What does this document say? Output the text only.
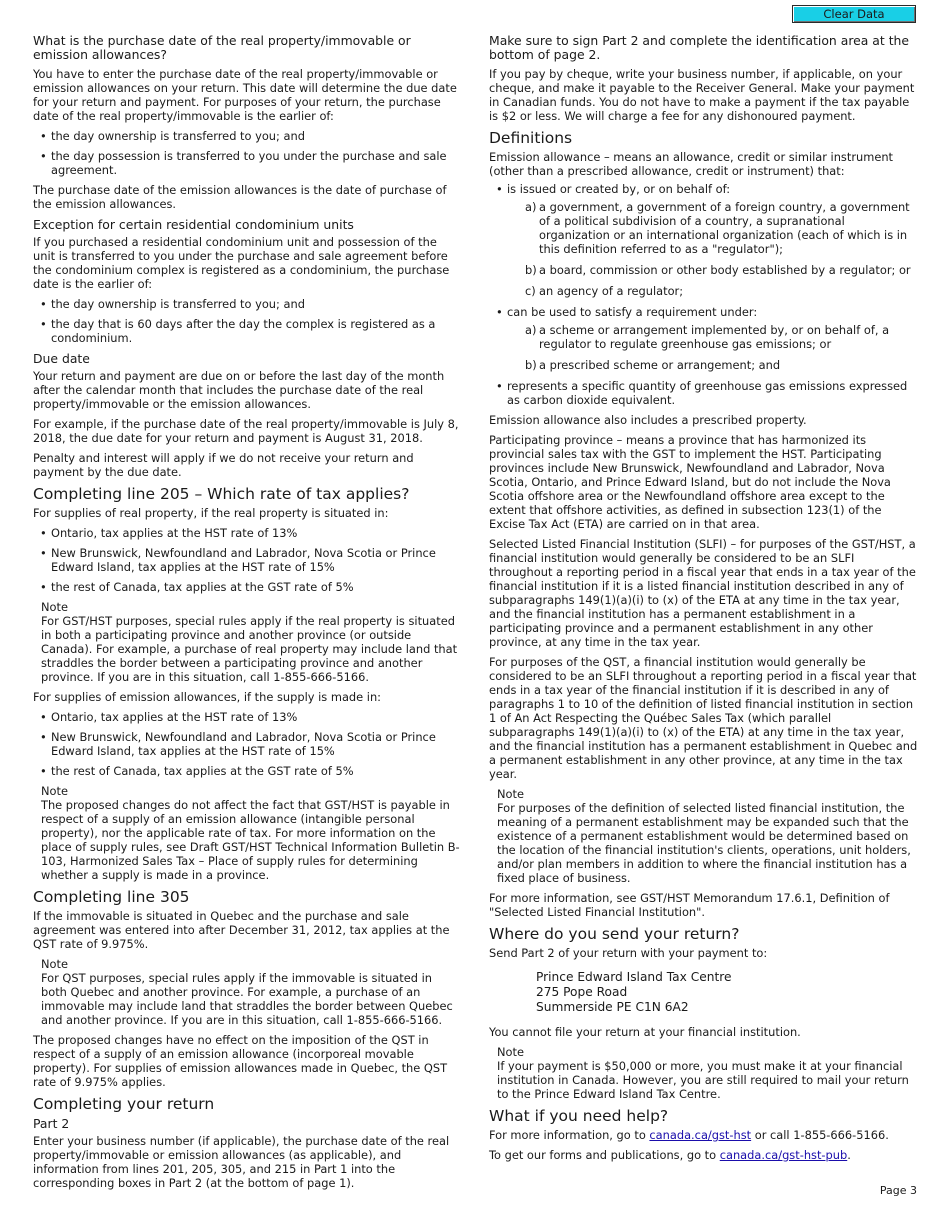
Clear Data

What is the purchase date of the real property/immovable or emission allowances?

You have to enter the purchase date of the real property/immovable or emission allowances on your return. This date will determine the due date for your return and payment. For purposes of your return, the purchase date of the real property/immovable is the earlier of:

• the day ownership is transferred to you; and
• the day possession is transferred to you under the purchase and sale agreement.

The purchase date of the emission allowances is the date of purchase of the emission allowances.

Exception for certain residential condominium units

If you purchased a residential condominium unit and possession of the unit is transferred to you under the purchase and sale agreement before the condominium complex is registered as a condominium, the purchase date is the earlier of:

• the day ownership is transferred to you; and
• the day that is 60 days after the day the complex is registered as a condominium.
Due date

Your return and payment are due on or before the last day of the month after the calendar month that includes the purchase date of the real property/immovable or the emission allowances.

For example, if the purchase date of the real property/immovable is July 8, 2018, the due date for your return and payment is August 31, 2018.

Penalty and interest will apply if we do not receive your return and payment by the due date.

Completing line 205 – Which rate of tax applies?

For supplies of real property, if the real property is situated in:

• Ontario, tax applies at the HST rate of 13%
• New Brunswick, Newfoundland and Labrador, Nova Scotia or Prince Edward Island, tax applies at the HST rate of 15%
• the rest of Canada, tax applies at the GST rate of 5%
Note
For GST/HST purposes, special rules apply if the real property is situated in both a participating province and another province (or outside Canada). For example, a purchase of real property may include land that straddles the border between a participating province and another province. If you are in this situation, call 1-855-666-5166.

For supplies of emission allowances, if the supply is made in:

• Ontario, tax applies at the HST rate of 13%
• New Brunswick, Newfoundland and Labrador, Nova Scotia or Prince Edward Island, tax applies at the HST rate of 15%
• the rest of Canada, tax applies at the GST rate of 5%
Note
The proposed changes do not affect the fact that GST/HST is payable in respect of a supply of an emission allowance (intangible personal property), nor the applicable rate of tax. For more information on the place of supply rules, see Draft GST/HST Technical Information Bulletin B-103, Harmonized Sales Tax – Place of supply rules for determining whether a supply is made in a province.
Completing line 305

If the immovable is situated in Quebec and the purchase and sale agreement was entered into after December 31, 2012, tax applies at the QST rate of 9.975%.

Note
For QST purposes, special rules apply if the immovable is situated in both Quebec and another province. For example, a purchase of an immovable may include land that straddles the border between Quebec and another province. If you are in this situation, call 1-855-666-5166.

The proposed changes have no effect on the imposition of the QST in respect of a supply of an emission allowance (incorporeal movable property). For supplies of emission allowances made in Quebec, the QST rate of 9.975% applies.

Completing your return
Part 2

Enter your business number (if applicable), the purchase date of the real property/immovable or emission allowances (as applicable), and information from lines 201, 205, 305, and 215 in Part 1 into the corresponding boxes in Part 2 (at the bottom of page 1).

Make sure to sign Part 2 and complete the identification area at the bottom of page 2.

If you pay by cheque, write your business number, if applicable, on your cheque, and make it payable to the Receiver General. Make your payment in Canadian funds. You do not have to make a payment if the tax payable is $2 or less. We will charge a fee for any dishonoured payment.

Definitions

Emission allowance – means an allowance, credit or similar instrument (other than a prescribed allowance, credit or instrument) that:

• is issued or created by, or on behalf of:
a) a government, a government of a foreign country, a government of a political subdivision of a country, a supranational organization or an international organization (each of which is in this definition referred to as a "regulator");
b) a board, commission or other body established by a regulator; or
c) an agency of a regulator;
• can be used to satisfy a requirement under:
a) a scheme or arrangement implemented by, or on behalf of, a regulator to regulate greenhouse gas emissions; or
b) a prescribed scheme or arrangement; and
• represents a specific quantity of greenhouse gas emissions expressed as carbon dioxide equivalent.

Emission allowance also includes a prescribed property.

Participating province – means a province that has harmonized its provincial sales tax with the GST to implement the HST. Participating provinces include New Brunswick, Newfoundland and Labrador, Nova Scotia, Ontario, and Prince Edward Island, but do not include the Nova Scotia offshore area or the Newfoundland offshore area except to the extent that offshore activities, as defined in subsection 123(1) of the Excise Tax Act (ETA) are carried on in that area.

Selected Listed Financial Institution (SLFI) – for purposes of the GST/HST, a financial institution would generally be considered to be an SLFI throughout a reporting period in a fiscal year that ends in a tax year of the financial institution if it is a listed financial institution described in any of subparagraphs 149(1)(a)(i) to (x) of the ETA at any time in the tax year, and the financial institution has a permanent establishment in a participating province and a permanent establishment in any other province, at any time in the tax year.

For purposes of the QST, a financial institution would generally be considered to be an SLFI throughout a reporting period in a fiscal year that ends in a tax year of the financial institution if it is described in any of paragraphs 1 to 10 of the definition of listed financial institution in section 1 of An Act Respecting the Québec Sales Tax (which parallel subparagraphs 149(1)(a)(i) to (x) of the ETA) at any time in the tax year, and the financial institution has a permanent establishment in Quebec and a permanent establishment in any other province, at any time in the tax year.

Note
For purposes of the definition of selected listed financial institution, the meaning of a permanent establishment may be expanded such that the existence of a permanent establishment would be determined based on the location of the financial institution's clients, operations, unit holders, and/or plan members in addition to where the financial institution has a fixed place of business.

For more information, see GST/HST Memorandum 17.6.1, Definition of "Selected Listed Financial Institution".

Where do you send your return?

Send Part 2 of your return with your payment to:

Prince Edward Island Tax Centre
275 Pope Road
Summerside PE C1N 6A2

You cannot file your return at your financial institution.

Note
If your payment is $50,000 or more, you must make it at your financial institution in Canada. However, you are still required to mail your return to the Prince Edward Island Tax Centre.
What if you need help?

For more information, go to canada.ca/gst-hst or call 1-855-666-5166.

To get our forms and publications, go to canada.ca/gst-hst-pub.

Page 3
